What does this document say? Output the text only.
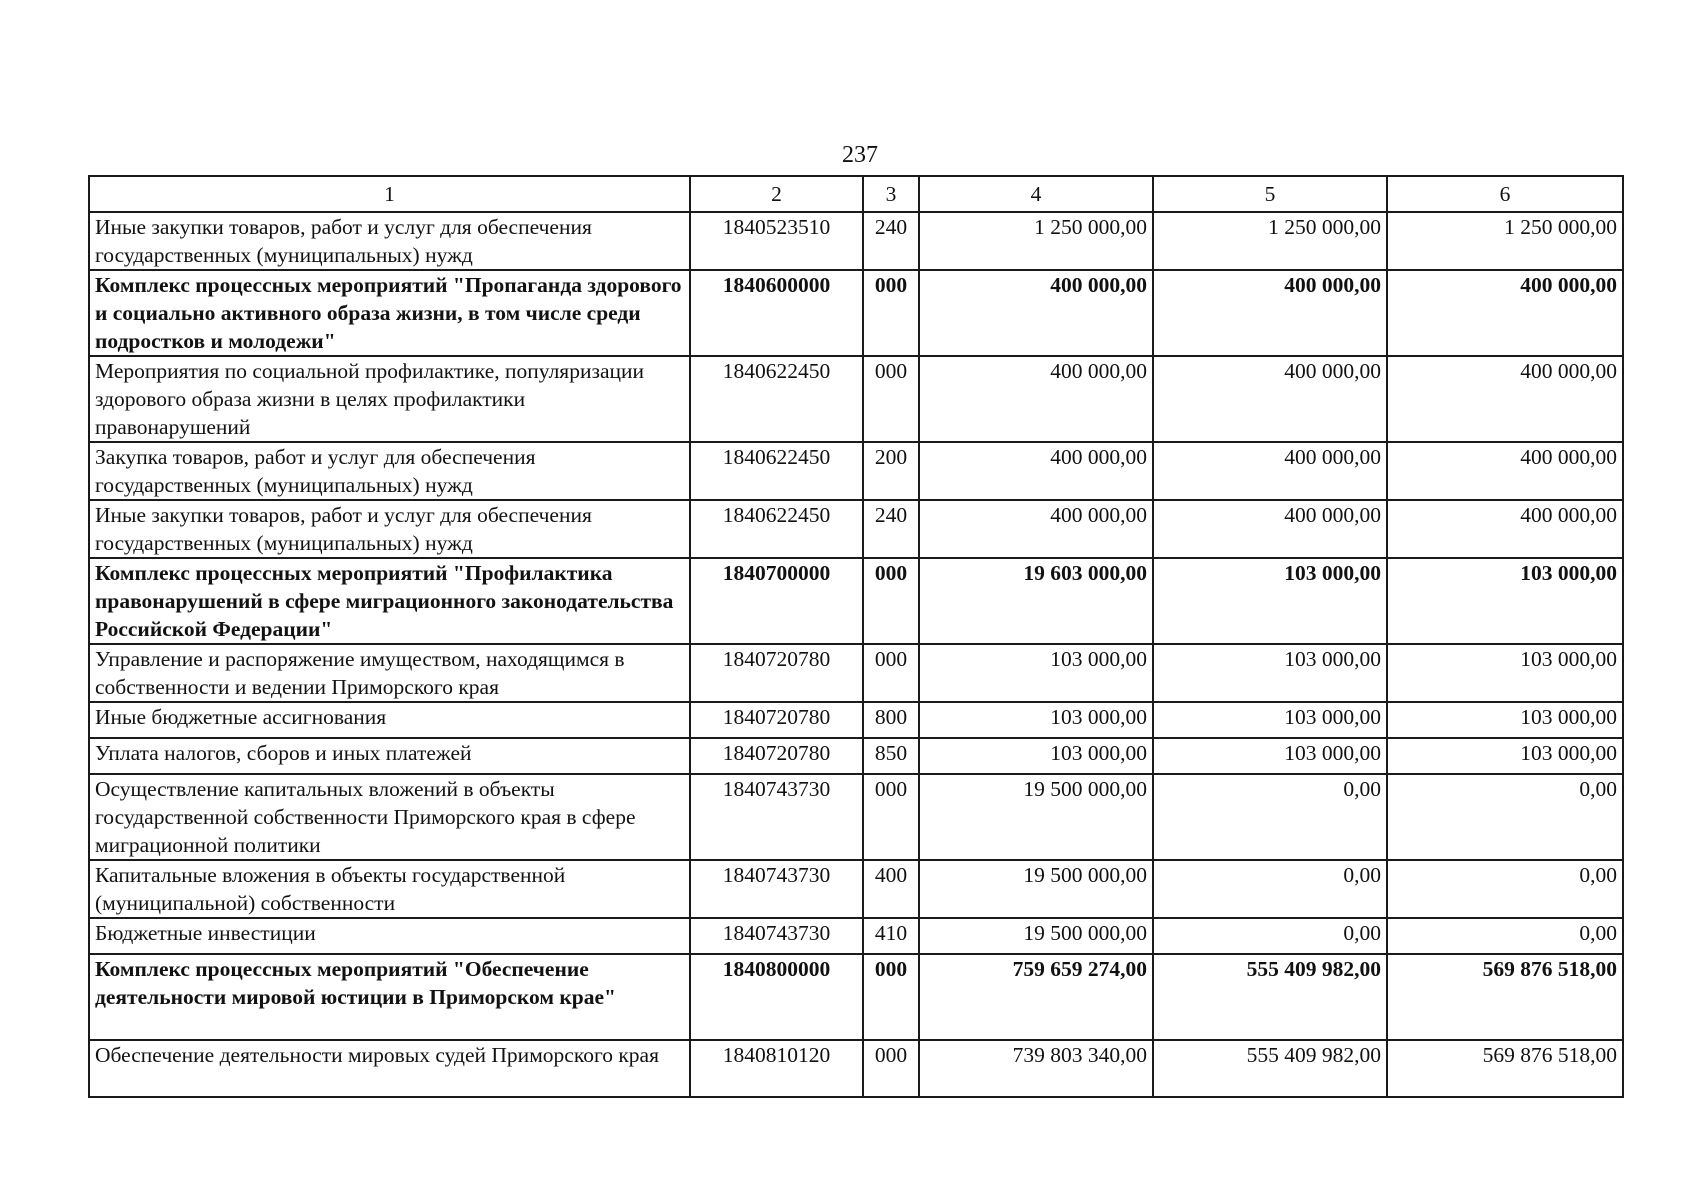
237
1	2	3	4	5	6
Иные закупки товаров, работ и услуг для обеспечения государственных (муниципальных) нужд	1840523510	240	1 250 000,00	1 250 000,00	1 250 000,00
Комплекс процессных мероприятий "Пропаганда здорового и социально активного образа жизни, в том числе среди подростков и молодежи"	1840600000	000	400 000,00	400 000,00	400 000,00
Мероприятия по социальной профилактике, популяризации здорового образа жизни в целях профилактики правонарушений	1840622450	000	400 000,00	400 000,00	400 000,00
Закупка товаров, работ и услуг для обеспечения государственных (муниципальных) нужд	1840622450	200	400 000,00	400 000,00	400 000,00
Иные закупки товаров, работ и услуг для обеспечения государственных (муниципальных) нужд	1840622450	240	400 000,00	400 000,00	400 000,00
Комплекс процессных мероприятий "Профилактика правонарушений в сфере миграционного законодательства Российской Федерации"	1840700000	000	19 603 000,00	103 000,00	103 000,00
Управление и распоряжение имуществом, находящимся в собственности и ведении Приморского края	1840720780	000	103 000,00	103 000,00	103 000,00
Иные бюджетные ассигнования	1840720780	800	103 000,00	103 000,00	103 000,00
Уплата налогов, сборов и иных платежей	1840720780	850	103 000,00	103 000,00	103 000,00
Осуществление капитальных вложений в объекты государственной собственности Приморского края в сфере миграционной политики	1840743730	000	19 500 000,00	0,00	0,00
Капитальные вложения в объекты государственной (муниципальной) собственности	1840743730	400	19 500 000,00	0,00	0,00
Бюджетные инвестиции	1840743730	410	19 500 000,00	0,00	0,00
Комплекс процессных мероприятий "Обеспечение деятельности мировой юстиции в Приморском крае"	1840800000	000	759 659 274,00	555 409 982,00	569 876 518,00
Обеспечение деятельности мировых судей Приморского края	1840810120	000	739 803 340,00	555 409 982,00	569 876 518,00
